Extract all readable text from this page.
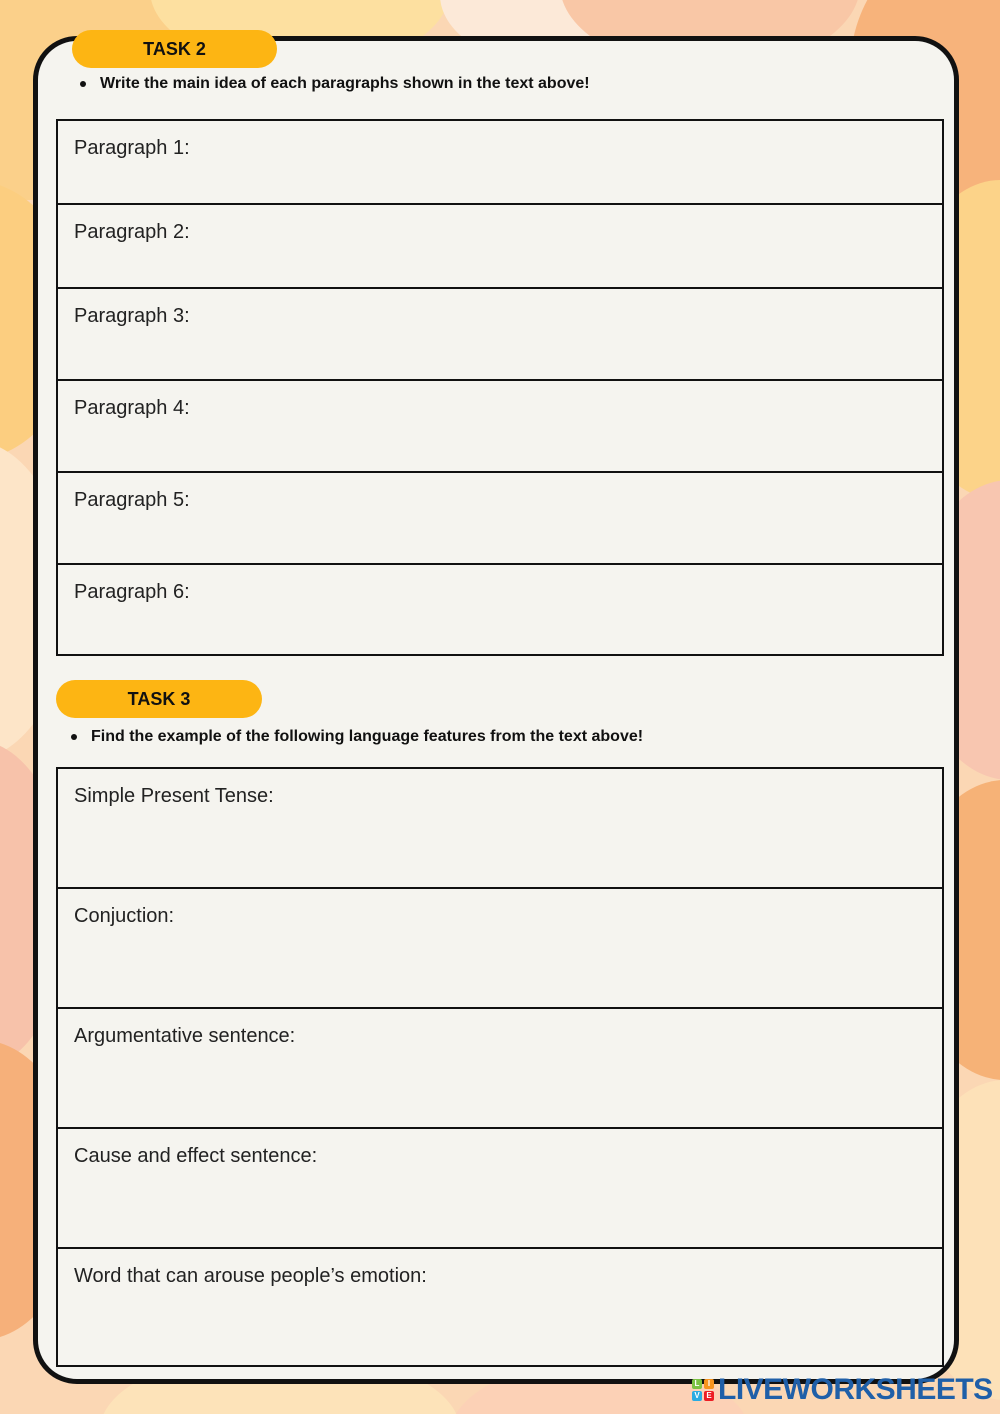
TASK 2
Write the main idea of each paragraphs shown in the text above!
Paragraph 1:
Paragraph 2:
Paragraph 3:
Paragraph 4:
Paragraph 5:
Paragraph 6:
TASK 3
Find the example of the following language features from the text above!
Simple Present Tense:
Conjuction:
Argumentative sentence:
Cause and effect sentence:
Word that can arouse people’s emotion:
L	I
V E LIVEWORKSHEETS
